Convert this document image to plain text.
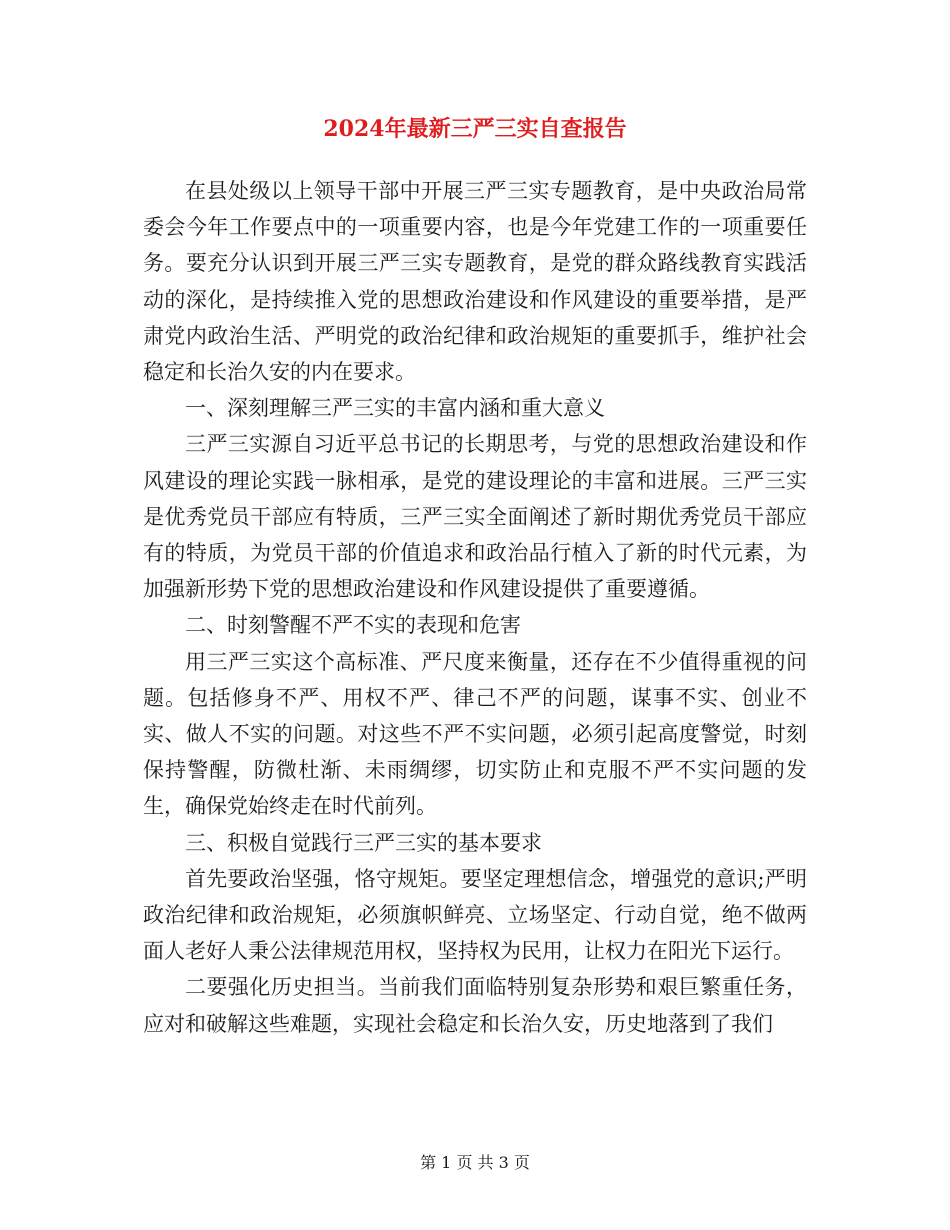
2024年最新三严三实自查报告

在县处级以上领导干部中开展三严三实专题教育，是中央政治局常委会今年工作要点中的一项重要内容，也是今年党建工作的一项重要任务。要充分认识到开展三严三实专题教育，是党的群众路线教育实践活动的深化，是持续推入党的思想政治建设和作风建设的重要举措，是严肃党内政治生活、严明党的政治纪律和政治规矩的重要抓手，维护社会稳定和长治久安的内在要求。

一、深刻理解三严三实的丰富内涵和重大意义

三严三实源自习近平总书记的长期思考，与党的思想政治建设和作风建设的理论实践一脉相承，是党的建设理论的丰富和进展。三严三实是优秀党员干部应有特质，三严三实全面阐述了新时期优秀党员干部应有的特质，为党员干部的价值追求和政治品行植入了新的时代元素，为加强新形势下党的思想政治建设和作风建设提供了重要遵循。

二、时刻警醒不严不实的表现和危害

用三严三实这个高标准、严尺度来衡量，还存在不少值得重视的问题。包括修身不严、用权不严、律己不严的问题，谋事不实、创业不实、做人不实的问题。对这些不严不实问题，必须引起高度警觉，时刻保持警醒，防微杜渐、未雨绸缪，切实防止和克服不严不实问题的发生，确保党始终走在时代前列。

三、积极自觉践行三严三实的基本要求

首先要政治坚强，恪守规矩。要坚定理想信念，增强党的意识;严明政治纪律和政治规矩，必须旗帜鲜亮、立场坚定、行动自觉，绝不做两面人老好人秉公法律规范用权，坚持权为民用，让权力在阳光下运行。

二要强化历史担当。当前我们面临特别复杂形势和艰巨繁重任务，应对和破解这些难题，实现社会稳定和长治久安，历史地落到了我们

第 1 页 共 3 页
